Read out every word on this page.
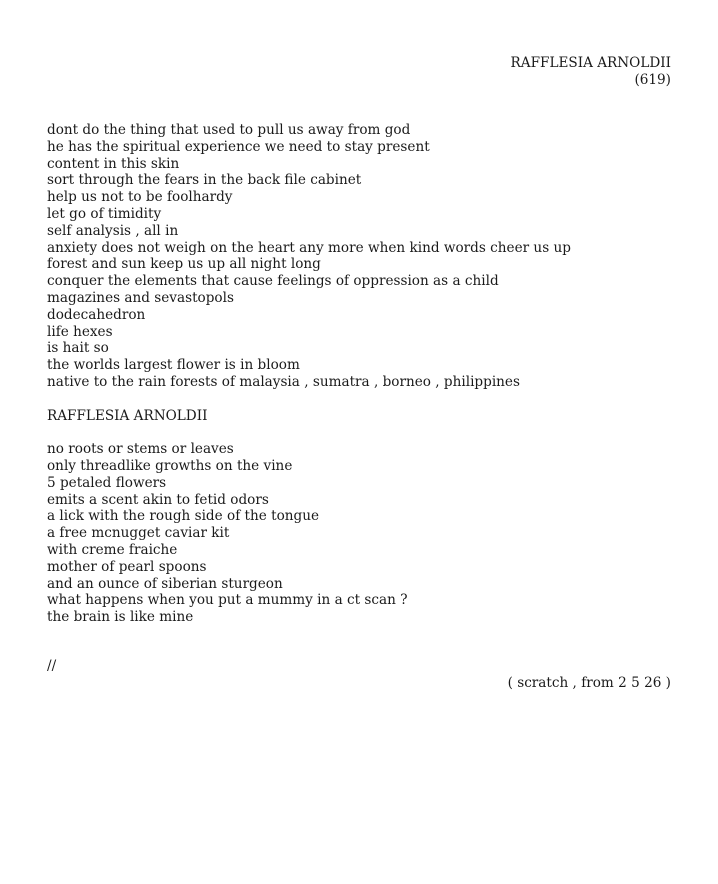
RAFFLESIA ARNOLDII
(619)
dont do the thing that used to pull us away from god
he has the spiritual experience we need to stay present
content in this skin
sort through the fears in the back file cabinet
help us not to be foolhardy
let go of timidity
self analysis , all in
anxiety does not weigh on the heart any more when kind words cheer us up
forest and sun keep us up all night long
conquer the elements that cause feelings of oppression as a child
magazines and sevastopols
dodecahedron
life hexes
is hait so
the worlds largest flower is in bloom
native to the rain forests of malaysia , sumatra , borneo , philippines
RAFFLESIA ARNOLDII
no roots or stems or leaves
only threadlike growths on the vine
5 petaled flowers
emits a scent akin to fetid odors
a lick with the rough side of the tongue
a free mcnugget caviar kit
with creme fraiche
mother of pearl spoons
and an ounce of siberian sturgeon
what happens when you put a mummy in a ct scan ?
the brain is like mine
//
( scratch , from 2 5 26 )
